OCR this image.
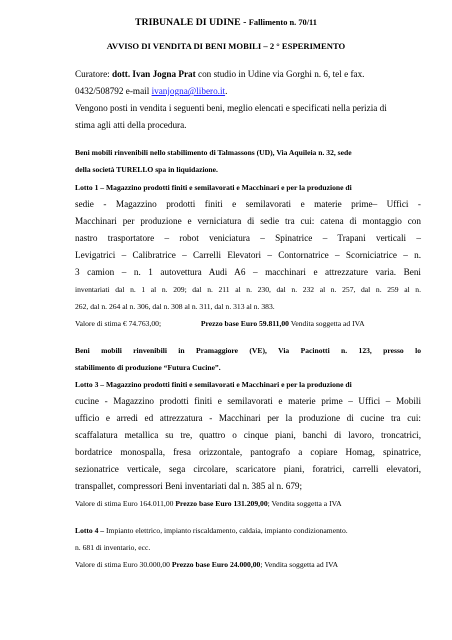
TRIBUNALE DI UDINE - Fallimento n. 70/11
AVVISO DI VENDITA DI BENI MOBILI – 2 ° ESPERIMENTO
Curatore: dott. Ivan Jogna Prat con studio in Udine via Gorghi n. 6, tel e fax.
0432/508792 e-mail ivanjogna@libero.it.
Vengono posti in vendita i seguenti beni, meglio elencati e specificati nella perizia di
stima agli atti della procedura.
Beni mobili rinvenibili nello stabilimento di Talmassons (UD), Via Aquileia n. 32, sede
della società TURELLO spa in liquidazione.
Lotto 1 – Magazzino prodotti finiti e semilavorati e Macchinari e per la produzione di
sedie - Magazzino prodotti finiti e semilavorati e materie prime– Uffici -
Macchinari per produzione e verniciatura di sedie tra cui: catena di montaggio con
nastro trasportatore – robot veniciatura – Spinatrice – Trapani verticali –
Levigatrici – Calibratrice – Carrelli Elevatori – Contornatrice – Scorniciatrice – n.
3 camion – n. 1 autovettura Audi A6 – macchinari e attrezzature varia. Beni
inventariati dal n. 1 al n. 209; dal n. 211 al n. 230, dal n. 232 al n. 257, dal n. 259 al n.
262, dal n. 264 al n. 306, dal n. 308 al n. 311, dal n. 313 al n. 383.
Valore di stima € 74.763,00;	Prezzo base Euro 59.811,00 Vendita soggetta ad IVA
Beni mobili rinvenibili in Pramaggiore (VE), Via Pacinotti n. 123, presso lo
stabilimento di produzione “Futura Cucine”.
Lotto 3 – Magazzino prodotti finiti e semilavorati e Macchinari e per la produzione di
cucine - Magazzino prodotti finiti e semilavorati e materie prime – Uffici – Mobili
ufficio e arredi ed attrezzatura - Macchinari per la produzione di cucine tra cui:
scaffalatura metallica su tre, quattro o cinque piani, banchi di lavoro, troncatrici,
bordatrice monospalla, fresa orizzontale, pantografo a copiare Homag, spinatrice,
sezionatrice verticale, sega circolare, scaricatore piani, foratrici, carrelli elevatori,
transpallet, compressori Beni inventariati dal n. 385 al n. 679;
Valore di stima Euro 164.011,00 Prezzo base Euro 131.209,00; Vendita soggetta a IVA
Lotto 4 – Impianto elettrico, impianto riscaldamento, caldaia, impianto condizionamento.
n. 681 di inventario, ecc.
Valore di stima Euro 30.000,00 Prezzo base Euro 24.000,00; Vendita soggetta ad IVA
